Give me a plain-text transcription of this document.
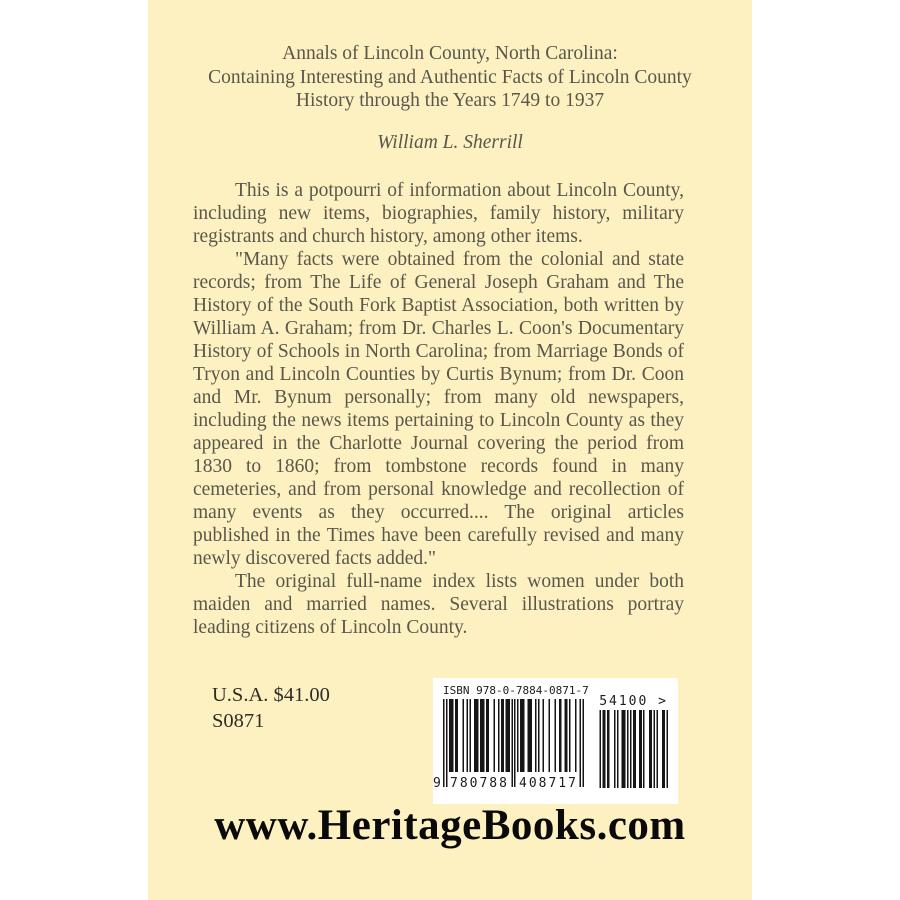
Annals of Lincoln County, North Carolina:
Containing Interesting and Authentic Facts of Lincoln County
History through the Years 1749 to 1937
William L. Sherrill

This is a potpourri of information about Lincoln County, including new items, biographies, family history, military registrants and church history, among other items.

"Many facts were obtained from the colonial and state records; from The Life of General Joseph Graham and The History of the South Fork Baptist Association, both written by William A. Graham; from Dr. Charles L. Coon's Documentary History of Schools in North Carolina; from Marriage Bonds of Tryon and Lincoln Counties by Curtis Bynum; from Dr. Coon and Mr. Bynum personally; from many old newspapers, including the news items pertaining to Lincoln County as they appeared in the Charlotte Journal covering the period from 1830 to 1860; from tombstone records found in many cemeteries, and from personal knowledge and recollection of many events as they occurred.... The original articles published in the Times have been carefully revised and many newly discovered facts added."

The original full-name index lists women under both maiden and married names. Several illustrations portray leading citizens of Lincoln County.

U.S.A. $41.00
S0871
ISBN 978-0-7884-0871-7
9 780788 408717
54100 >
www.HeritageBooks.com
